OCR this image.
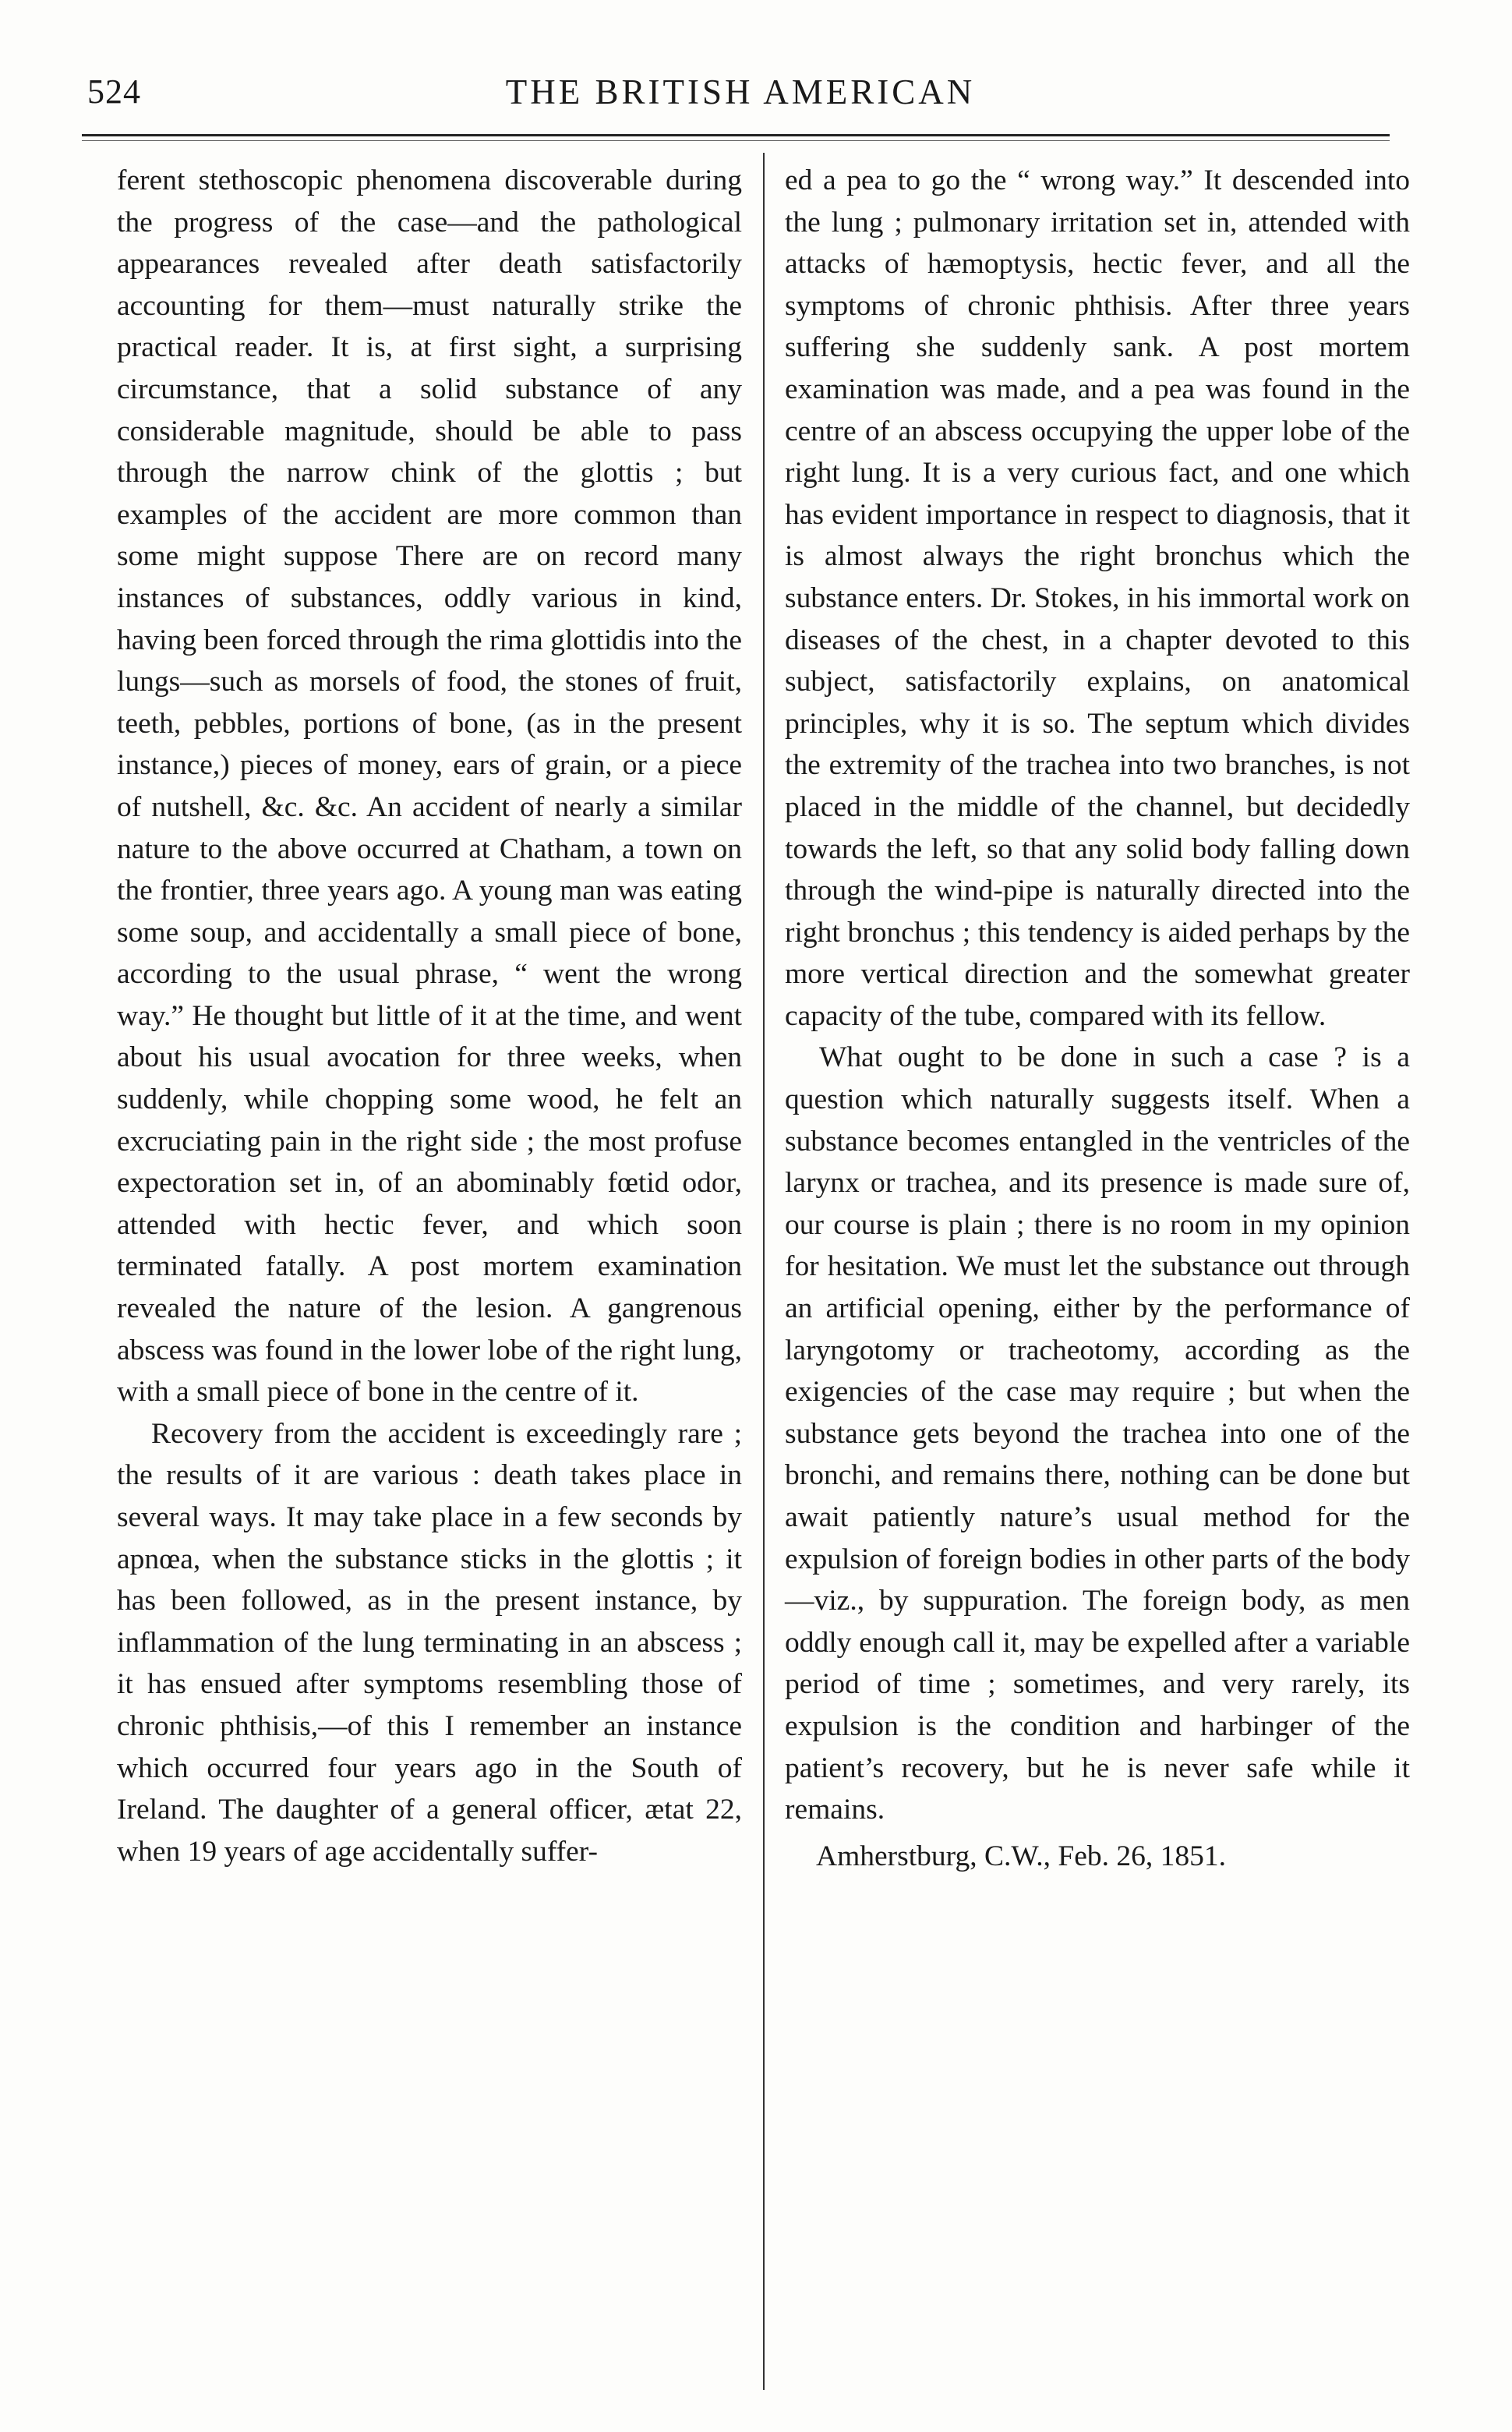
524	THE BRITISH AMERICAN

ferent stethoscopic phenomena discoverable during the progress of the case—and the pathological appearances revealed after death satisfactorily accounting for them—must naturally strike the practical reader. It is, at first sight, a surprising circumstance, that a solid substance of any considerable magnitude, should be able to pass through the narrow chink of the glottis ; but examples of the accident are more common than some might suppose There are on record many instances of substances, oddly various in kind, having been forced through the rima glottidis into the lungs—such as morsels of food, the stones of fruit, teeth, pebbles, portions of bone, (as in the present instance,) pieces of money, ears of grain, or a piece of nutshell, &c. &c. An accident of nearly a similar nature to the above occurred at Chatham, a town on the frontier, three years ago. A young man was eating some soup, and accidentally a small piece of bone, according to the usual phrase, “ went the wrong way.” He thought but little of it at the time, and went about his usual avocation for three weeks, when suddenly, while chopping some wood, he felt an excruciating pain in the right side ; the most profuse expectoration set in, of an abominably fœtid odor, attended with hectic fever, and which soon terminated fatally. A post mortem examination revealed the nature of the lesion. A gangrenous abscess was found in the lower lobe of the right lung, with a small piece of bone in the centre of it.

Recovery from the accident is exceedingly rare ; the results of it are various : death takes place in several ways. It may take place in a few seconds by apnœa, when the substance sticks in the glottis ; it has been followed, as in the present instance, by inflammation of the lung terminating in an abscess ; it has ensued after symptoms resembling those of chronic phthisis,—of this I remember an instance which occurred four years ago in the South of Ireland. The daughter of a general officer, ætat 22, when 19 years of age accidentally suffer-

ed a pea to go the “ wrong way.” It descended into the lung ; pulmonary irritation set in, attended with attacks of hæmoptysis, hectic fever, and all the symptoms of chronic phthisis. After three years suffering she suddenly sank. A post mortem examination was made, and a pea was found in the centre of an abscess occupying the upper lobe of the right lung. It is a very curious fact, and one which has evident importance in respect to diagnosis, that it is almost always the right bronchus which the substance enters. Dr. Stokes, in his immortal work on diseases of the chest, in a chapter devoted to this subject, satisfactorily explains, on anatomical principles, why it is so. The septum which divides the extremity of the trachea into two branches, is not placed in the middle of the channel, but decidedly towards the left, so that any solid body falling down through the wind-pipe is naturally directed into the right bronchus ; this tendency is aided perhaps by the more vertical direction and the somewhat greater capacity of the tube, compared with its fellow.

What ought to be done in such a case ? is a question which naturally suggests itself. When a substance becomes entangled in the ventricles of the larynx or trachea, and its presence is made sure of, our course is plain ; there is no room in my opinion for hesitation. We must let the substance out through an artificial opening, either by the performance of laryngotomy or tracheotomy, according as the exigencies of the case may require ; but when the substance gets beyond the trachea into one of the bronchi, and remains there, nothing can be done but await patiently nature’s usual method for the expulsion of foreign bodies in other parts of the body—viz., by suppuration. The foreign body, as men oddly enough call it, may be expelled after a variable period of time ; sometimes, and very rarely, its expulsion is the condition and harbinger of the patient’s recovery, but he is never safe while it remains.

Amherstburg, C.W., Feb. 26, 1851.
